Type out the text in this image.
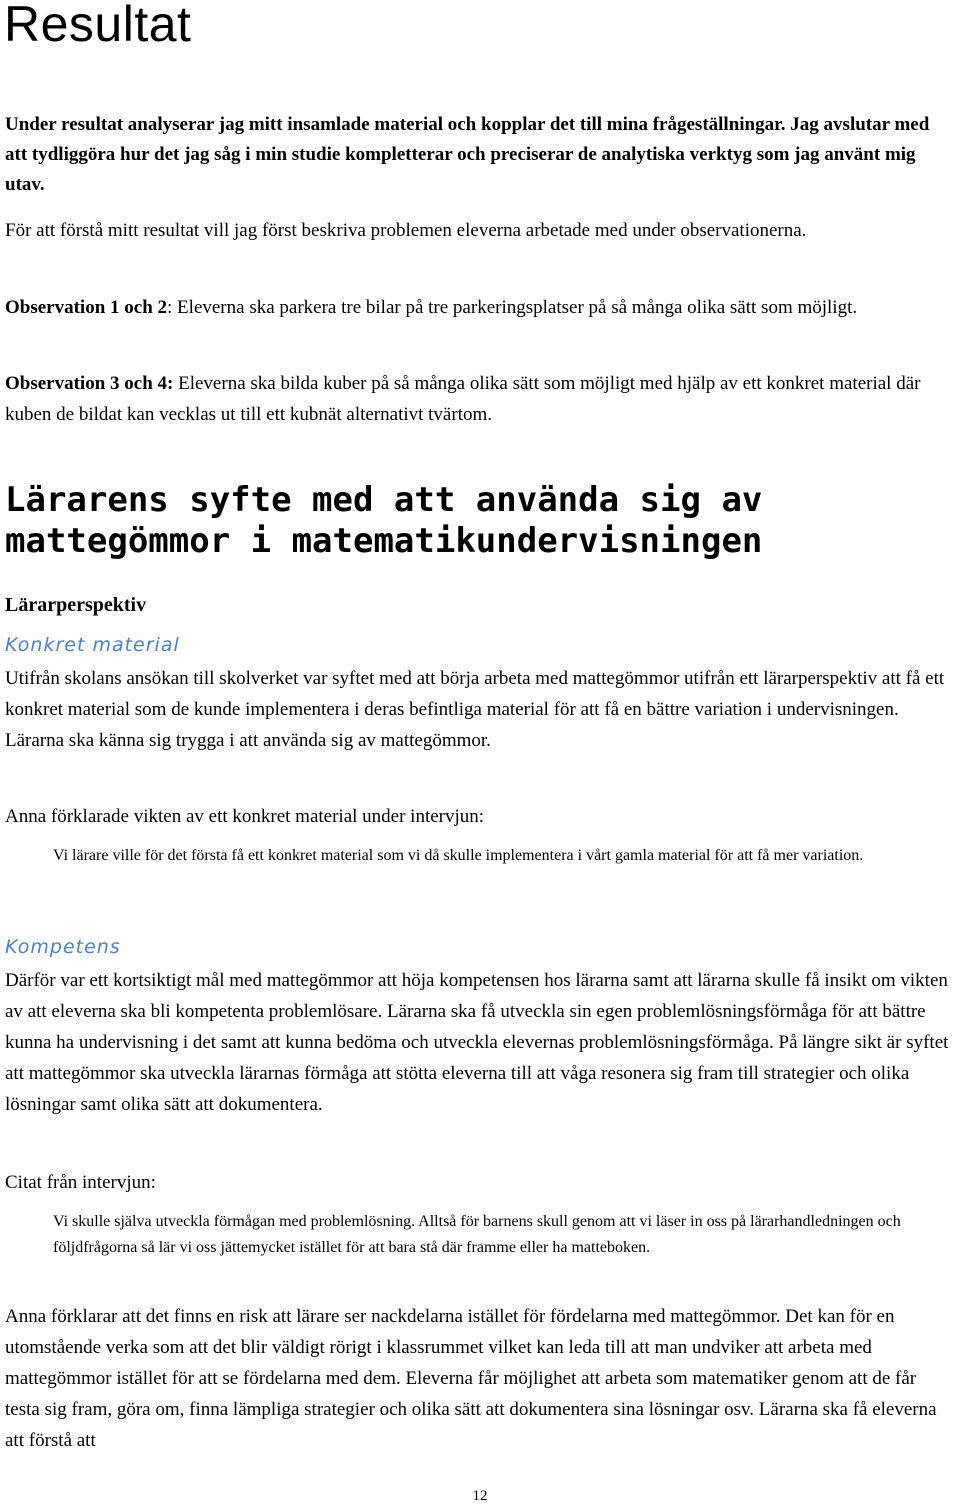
Resultat

Under resultat analyserar jag mitt insamlade material och kopplar det till mina frågeställningar. Jag avslutar med att tydliggöra hur det jag såg i min studie kompletterar och preciserar de analytiska verktyg som jag använt mig utav.

För att förstå mitt resultat vill jag först beskriva problemen eleverna arbetade med under observationerna.

Observation 1 och 2: Eleverna ska parkera tre bilar på tre parkeringsplatser på så många olika sätt som möjligt.

Observation 3 och 4: Eleverna ska bilda kuber på så många olika sätt som möjligt med hjälp av ett konkret material där kuben de bildat kan vecklas ut till ett kubnät alternativt tvärtom.

Lärarens syfte med att använda sig av mattegömmor i matematikundervisningen
Lärarperspektiv
Konkret material

Utifrån skolans ansökan till skolverket var syftet med att börja arbeta med mattegömmor utifrån ett lärarperspektiv att få ett konkret material som de kunde implementera i deras befintliga material för att få en bättre variation i undervisningen. Lärarna ska känna sig trygga i att använda sig av mattegömmor.

Anna förklarade vikten av ett konkret material under intervjun:

Vi lärare ville för det första få ett konkret material som vi då skulle implementera i vårt gamla material för att få mer variation.

Kompetens

Därför var ett kortsiktigt mål med mattegömmor att höja kompetensen hos lärarna samt att lärarna skulle få insikt om vikten av att eleverna ska bli kompetenta problemlösare. Lärarna ska få utveckla sin egen problemlösningsförmåga för att bättre kunna ha undervisning i det samt att kunna bedöma och utveckla elevernas problemlösningsförmåga. På längre sikt är syftet att mattegömmor ska utveckla lärarnas förmåga att stötta eleverna till att våga resonera sig fram till strategier och olika lösningar samt olika sätt att dokumentera.

Citat från intervjun:

Vi skulle själva utveckla förmågan med problemlösning. Alltså för barnens skull genom att vi läser in oss på lärarhandledningen och följdfrågorna så lär vi oss jättemycket istället för att bara stå där framme eller ha matteboken.

Anna förklarar att det finns en risk att lärare ser nackdelarna istället för fördelarna med mattegömmor. Det kan för en utomstående verka som att det blir väldigt rörigt i klassrummet vilket kan leda till att man undviker att arbeta med mattegömmor istället för att se fördelarna med dem. Eleverna får möjlighet att arbeta som matematiker genom att de får testa sig fram, göra om, finna lämpliga strategier och olika sätt att dokumentera sina lösningar osv. Lärarna ska få eleverna att förstå att

12
